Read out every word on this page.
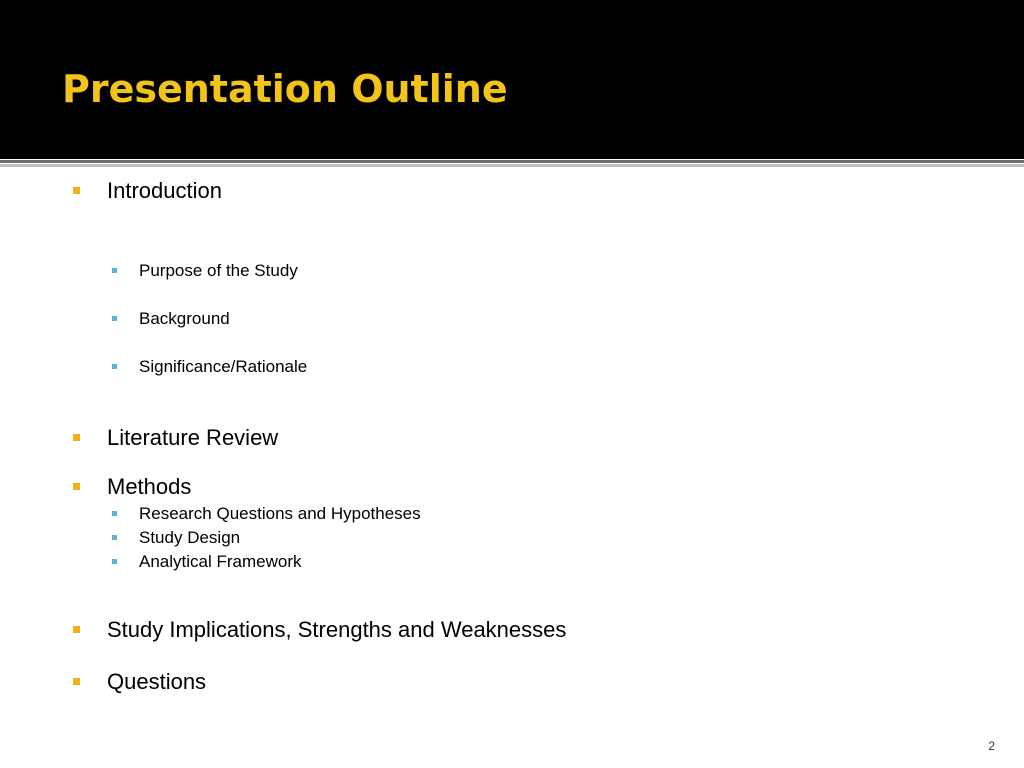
Presentation Outline
Introduction
Purpose of the Study
Background
Significance/Rationale
Literature Review
Methods
Research Questions and Hypotheses
Study Design
Analytical Framework
Study Implications, Strengths and Weaknesses
Questions
2
